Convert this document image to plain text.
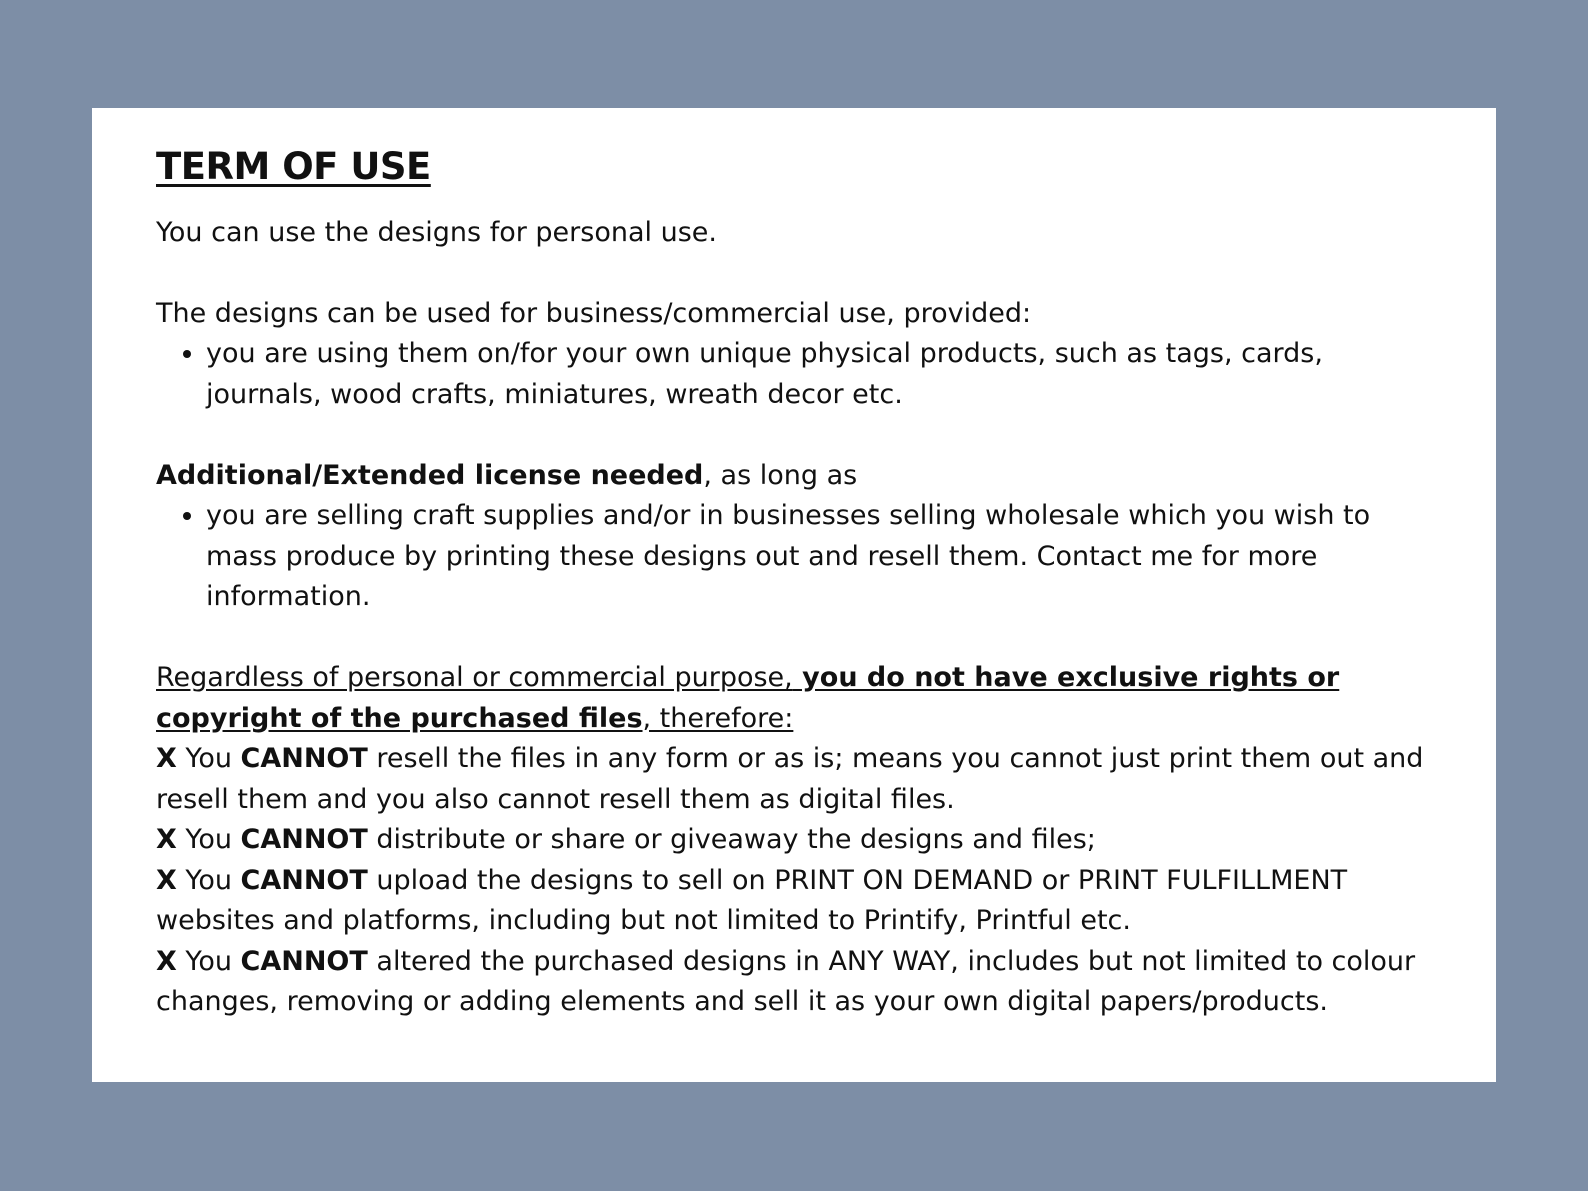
TERM OF USE

You can use the designs for personal use.

The designs can be used for business/commercial use, provided:

• you are using them on/for your own unique physical products, such as tags, cards, journals, wood crafts, miniatures, wreath decor etc.

Additional/Extended license needed, as long as

• you are selling craft supplies and/or in businesses selling wholesale which you wish to mass produce by printing these designs out and resell them. Contact me for more information.

Regardless of personal or commercial purpose, you do not have exclusive rights or copyright of the purchased files, therefore:

X You CANNOT resell the files in any form or as is; means you cannot just print them out and resell them and you also cannot resell them as digital files.

X You CANNOT distribute or share or giveaway the designs and files;

X You CANNOT upload the designs to sell on PRINT ON DEMAND or PRINT FULFILLMENT websites and platforms, including but not limited to Printify, Printful etc.

X You CANNOT altered the purchased designs in ANY WAY, includes but not limited to colour changes, removing or adding elements and sell it as your own digital papers/products.
